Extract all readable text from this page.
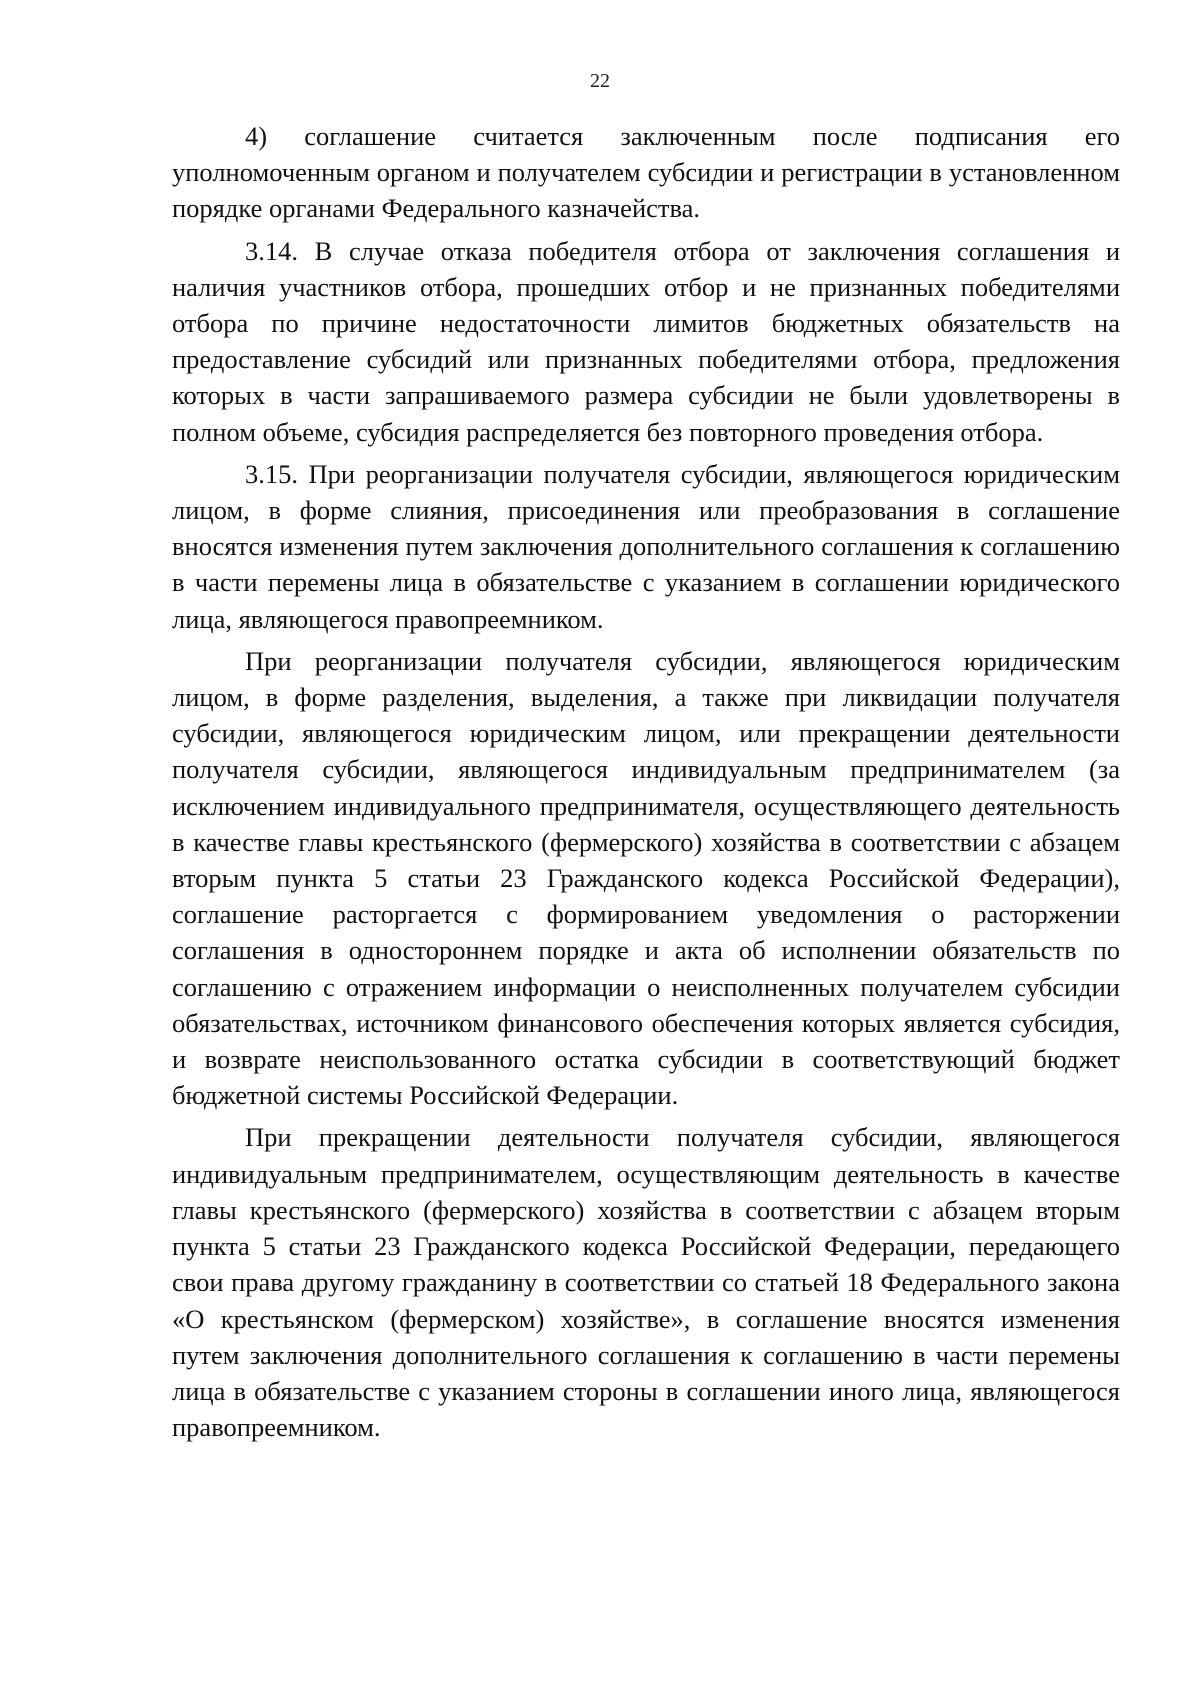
22

4) соглашение считается заключенным после подписания его уполномоченным органом и получателем субсидии и регистрации в установленном порядке органами Федерального казначейства.

3.14. В случае отказа победителя отбора от заключения соглашения и наличия участников отбора, прошедших отбор и не признанных победителями отбора по причине недостаточности лимитов бюджетных обязательств на предоставление субсидий или признанных победителями отбора, предложения которых в части запрашиваемого размера субсидии не были удовлетворены в полном объеме, субсидия распределяется без повторного проведения отбора.

3.15. При реорганизации получателя субсидии, являющегося юридическим лицом, в форме слияния, присоединения или преобразования в соглашение вносятся изменения путем заключения дополнительного соглашения к соглашению в части перемены лица в обязательстве с указанием в соглашении юридического лица, являющегося правопреемником.

При реорганизации получателя субсидии, являющегося юридическим лицом, в форме разделения, выделения, а также при ликвидации получателя субсидии, являющегося юридическим лицом, или прекращении деятельности получателя субсидии, являющегося индивидуальным предпринимателем (за исключением индивидуального предпринимателя, осуществляющего деятельность в качестве главы крестьянского (фермерского) хозяйства в соответствии с абзацем вторым пункта 5 статьи 23 Гражданского кодекса Российской Федерации), соглашение расторгается с формированием уведомления о расторжении соглашения в одностороннем порядке и акта об исполнении обязательств по соглашению с отражением информации о неисполненных получателем субсидии обязательствах, источником финансового обеспечения которых является субсидия, и возврате неиспользованного остатка субсидии в соответствующий бюджет бюджетной системы Российской Федерации.

При прекращении деятельности получателя субсидии, являющегося индивидуальным предпринимателем, осуществляющим деятельность в качестве главы крестьянского (фермерского) хозяйства в соответствии с абзацем вторым пункта 5 статьи 23 Гражданского кодекса Российской Федерации, передающего свои права другому гражданину в соответствии со статьей 18 Федерального закона «О крестьянском (фермерском) хозяйстве», в соглашение вносятся изменения путем заключения дополнительного соглашения к соглашению в части перемены лица в обязательстве с указанием стороны в соглашении иного лица, являющегося правопреемником.
